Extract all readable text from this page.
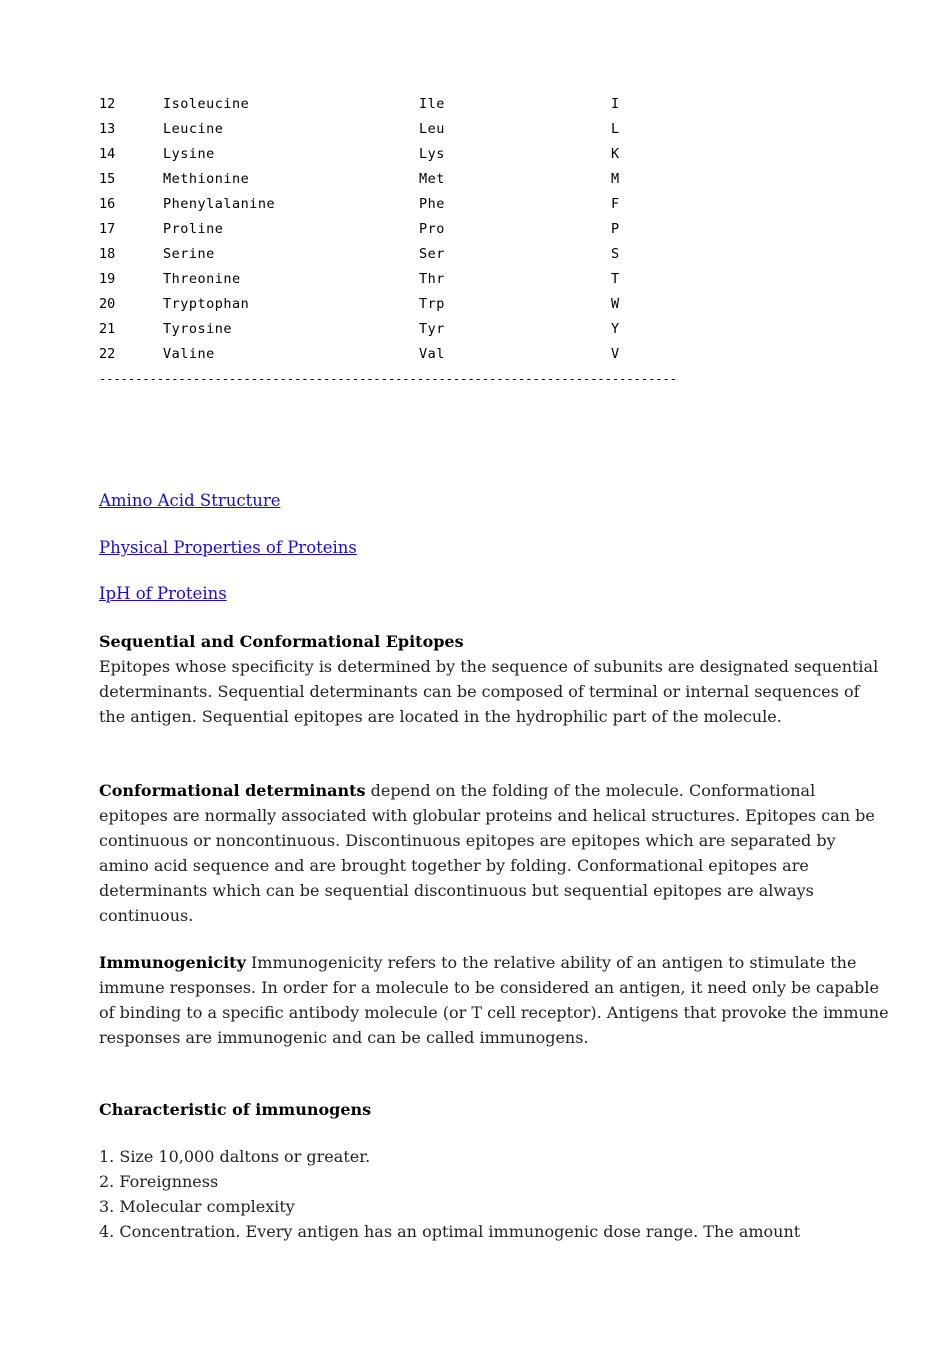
12	Isoleucine	Ile	I
13	Leucine	Leu	L
14	Lysine	Lys	K
15	Methionine	Met	M
16	Phenylalanine	Phe	F
17	Proline	Pro	P
18	Serine	Ser	S
19	Threonine	Thr	T
20	Tryptophan	Trp	W
21	Tyrosine	Tyr	Y
22	Valine	Val	V
--------------------------------------------------------------------------------
Amino Acid Structure
Physical Properties of Proteins
IpH of Proteins
Sequential and Conformational Epitopes
Epitopes whose specificity is determined by the sequence of subunits are designated sequential determinants. Sequential determinants can be composed of terminal or internal sequences of the antigen. Sequential epitopes are located in the hydrophilic part of the molecule.
Conformational determinants depend on the folding of the molecule. Conformational epitopes are normally associated with globular proteins and helical structures. Epitopes can be continuous or noncontinuous. Discontinuous epitopes are epitopes which are separated by amino acid sequence and are brought together by folding. Conformational epitopes are determinants which can be sequential discontinuous but sequential epitopes are always continuous.
Immunogenicity Immunogenicity refers to the relative ability of an antigen to stimulate the immune responses. In order for a molecule to be considered an antigen, it need only be capable of binding to a specific antibody molecule (or T cell receptor). Antigens that provoke the immune responses are immunogenic and can be called immunogens.
Characteristic of immunogens
1. Size 10,000 daltons or greater.
2. Foreignness
3. Molecular complexity
4. Concentration. Every antigen has an optimal immunogenic dose range. The amount
